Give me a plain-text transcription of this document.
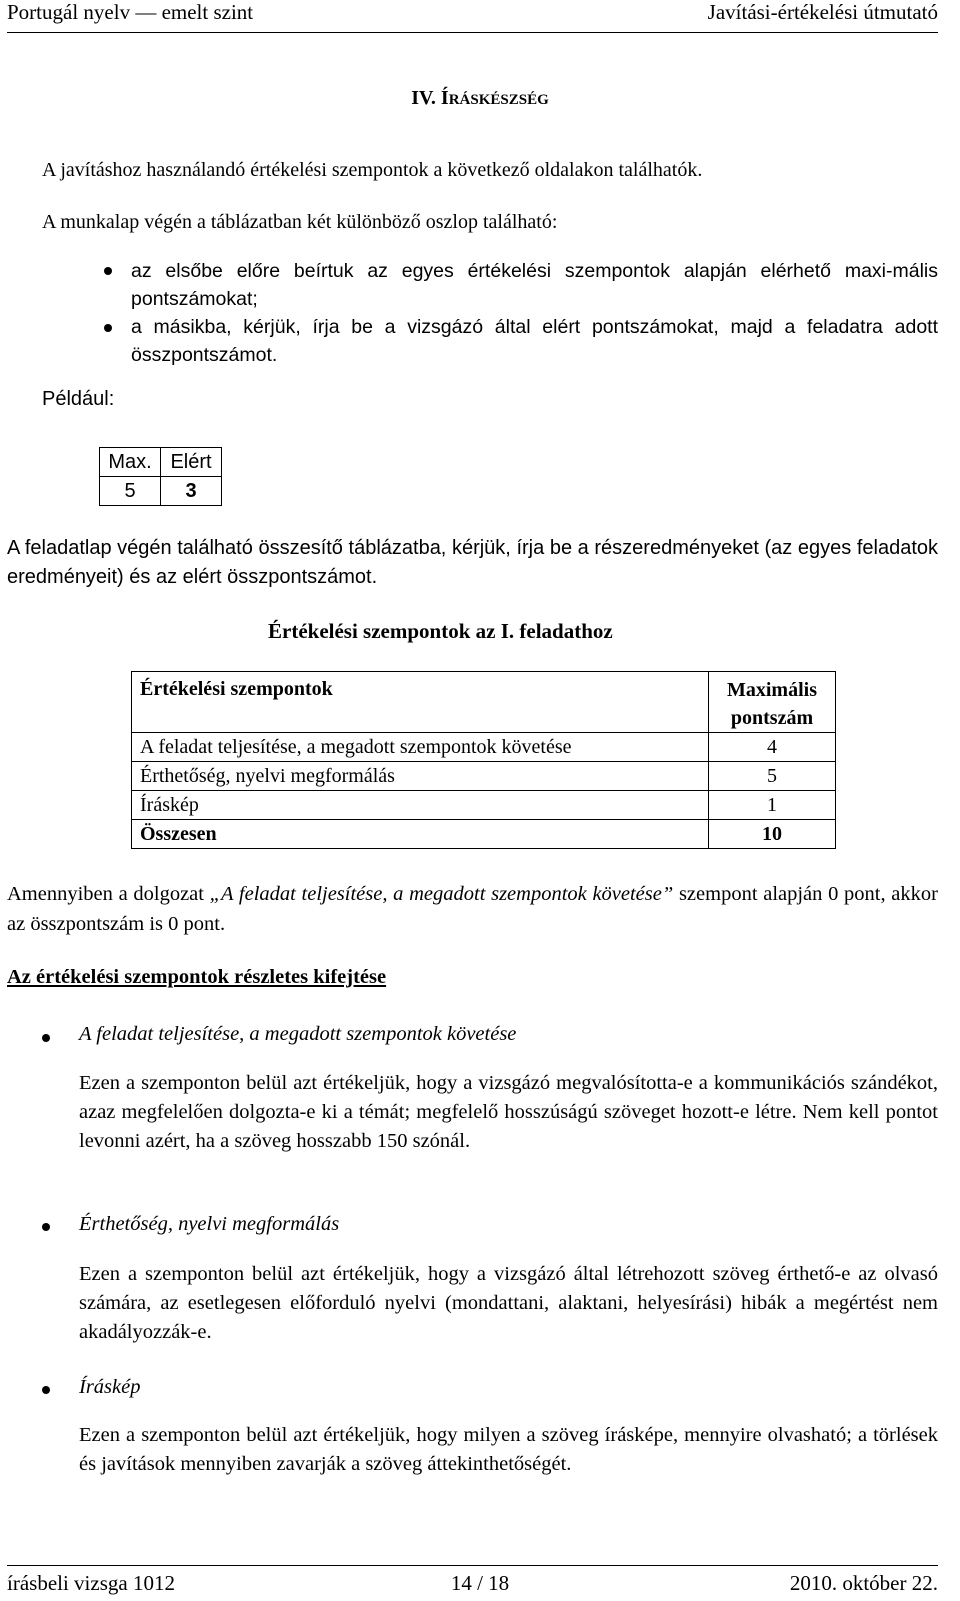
Portugál nyelv — emelt szint	Javítási-értékelési útmutató
IV. ÍRÁSKÉSZSÉG
A javításhoz használandó értékelési szempontok a következő oldalakon találhatók.
A munkalap végén a táblázatban két különböző oszlop található:
az elsőbe előre beírtuk az egyes értékelési szempontok alapján elérhető maxi-mális pontszámokat;
a másikba, kérjük, írja be a vizsgázó által elért pontszámokat, majd a feladatra adott összpontszámot.
Például:
Max.	Elért
5	3
A feladatlap végén található összesítő táblázatba, kérjük, írja be a részeredményeket (az egyes feladatok eredményeit) és az elért összpontszámot.
Értékelési szempontok az I. feladathoz
Értékelési szempontok	Maximális
pontszám

A feladat teljesítése, a megadott szempontok követése	4
Érthetőség, nyelvi megformálás	5
Íráskép	1
Összesen	10
Amennyiben a dolgozat „A feladat teljesítése, a megadott szempontok követése” szempont alapján 0 pont, akkor az összpontszám is 0 pont.
Az értékelési szempontok részletes kifejtése
A feladat teljesítése, a megadott szempontok követése
Ezen a szemponton belül azt értékeljük, hogy a vizsgázó megvalósította-e a kommunikációs szándékot, azaz megfelelően dolgozta-e ki a témát; megfelelő hosszúságú szöveget hozott-e létre. Nem kell pontot levonni azért, ha a szöveg hosszabb 150 szónál.
Érthetőség, nyelvi megformálás
Ezen a szemponton belül azt értékeljük, hogy a vizsgázó által létrehozott szöveg érthető-e az olvasó számára, az esetlegesen előforduló nyelvi (mondattani, alaktani, helyesírási) hibák a megértést nem akadályozzák-e.
Íráskép
Ezen a szemponton belül azt értékeljük, hogy milyen a szöveg írásképe, mennyire olvasható; a törlések és javítások mennyiben zavarják a szöveg áttekinthetőségét.
írásbeli vizsga 1012	14 / 18	2010. október 22.
